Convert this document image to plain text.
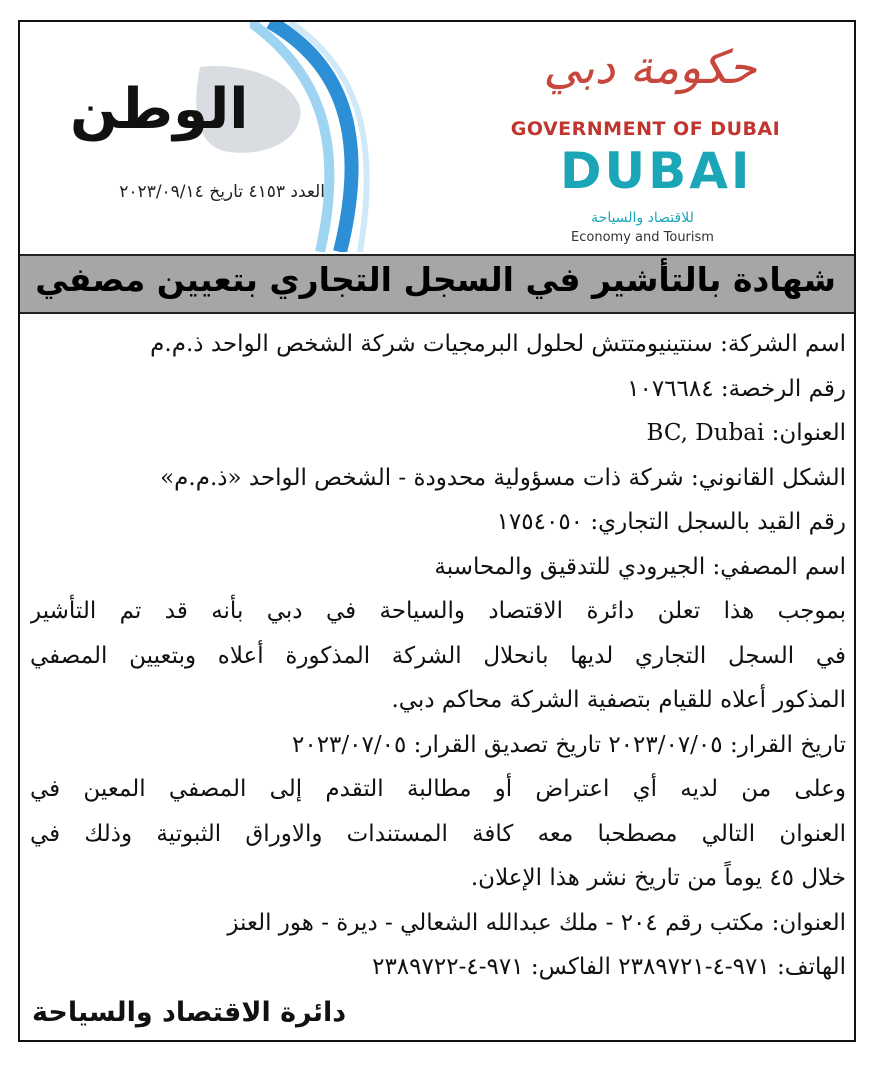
الوطن
العدد ٤١٥٣ تاريخ ٢٠٢٣/٠٩/١٤
حكومة دبي
GOVERNMENT OF DUBAI
DUBAI
للاقتصاد والسياحة
Economy and Tourism
شهادة بالتأشير في السجل التجاري بتعيين مصفي
اسم الشركة: سنتينيومتتش لحلول البرمجيات شركة الشخص الواحد ذ.م.م
رقم الرخصة: ١٠٧٦٦٨٤
العنوان: BC, Dubai
الشكل القانوني: شركة ذات مسؤولية محدودة - الشخص الواحد «ذ.م.م»
رقم القيد بالسجل التجاري: ١٧٥٤٠٥٠
اسم المصفي: الجيرودي للتدقيق والمحاسبة
بموجب هذا تعلن دائرة الاقتصاد والسياحة في دبي بأنه قد تم التأشير
في السجل التجاري لديها بانحلال الشركة المذكورة أعلاه وبتعيين المصفي
المذكور أعلاه للقيام بتصفية الشركة محاكم دبي.
تاريخ القرار: ٢٠٢٣/٠٧/٠٥ تاريخ تصديق القرار: ٢٠٢٣/٠٧/٠٥
وعلى من لديه أي اعتراض أو مطالبة التقدم إلى المصفي المعين في
العنوان التالي مصطحبا معه كافة المستندات والاوراق الثبوتية وذلك في
خلال ٤٥ يوماً من تاريخ نشر هذا الإعلان.
العنوان: مكتب رقم ٢٠٤ - ملك عبدالله الشعالي - ديرة - هور العنز
الهاتف: ٩٧١-٤-٢٣٨٩٧٢١ الفاكس: ٩٧١-٤-٢٣٨٩٧٢٢
دائرة الاقتصاد والسياحة
